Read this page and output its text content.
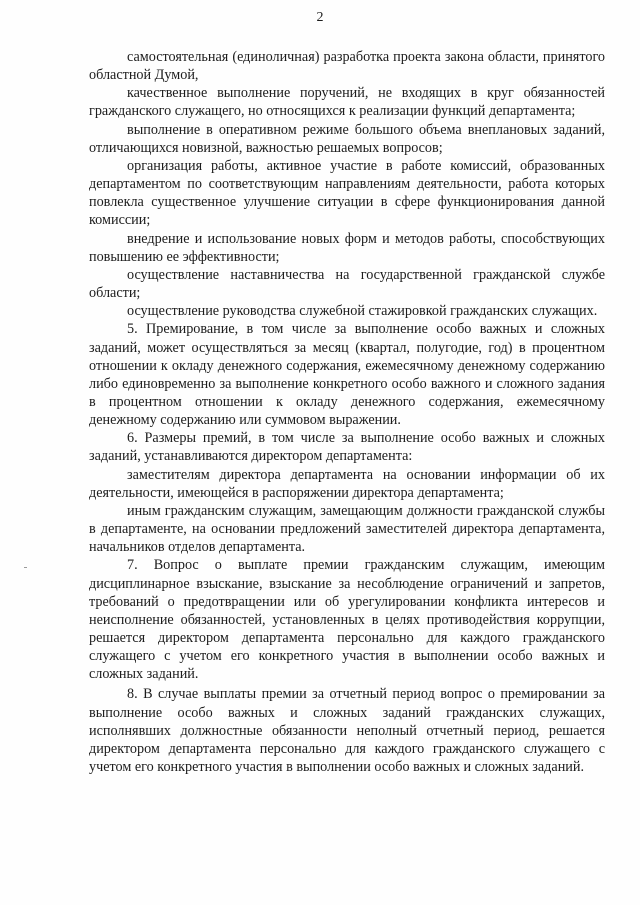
2

самостоятельная (единоличная) разработка проекта закона области, принятого областной Думой,

качественное выполнение поручений, не входящих в круг обязанностей гражданского служащего, но относящихся к реализации функций департамента;

выполнение в оперативном режиме большого объема внеплановых заданий, отличающихся новизной, важностью решаемых вопросов;

организация работы, активное участие в работе комиссий, образованных департаментом по соответствующим направлениям деятельности, работа которых повлекла существенное улучшение ситуации в сфере функционирования данной комиссии;

внедрение и использование новых форм и методов работы, способствующих повышению ее эффективности;

осуществление наставничества на государственной гражданской службе области;

осуществление руководства служебной стажировкой гражданских служащих.

5. Премирование, в том числе за выполнение особо важных и сложных заданий, может осуществляться за месяц (квартал, полугодие, год) в процентном отношении к окладу денежного содержания, ежемесячному денежному содержанию либо единовременно за выполнение конкретного особо важного и сложного задания в процентном отношении к окладу денежного содержания, ежемесячному денежному содержанию или суммовом выражении.

6. Размеры премий, в том числе за выполнение особо важных и сложных заданий, устанавливаются директором департамента:

заместителям директора департамента на основании информации об их деятельности, имеющейся в распоряжении директора департамента;

иным гражданским служащим, замещающим должности гражданской службы в департаменте, на основании предложений заместителей директора департамента, начальников отделов департамента.

7. Вопрос о выплате премии гражданским служащим, имеющим дисциплинарное взыскание, взыскание за несоблюдение ограничений и запретов, требований о предотвращении или об урегулировании конфликта интересов и неисполнение обязанностей, установленных в целях противодействия коррупции, решается директором департамента персонально для каждого гражданского служащего с учетом его конкретного участия в выполнении особо важных и сложных заданий.

8. В случае выплаты премии за отчетный период вопрос о премировании за выполнение особо важных и сложных заданий гражданских служащих, исполнявших должностные обязанности неполный отчетный период, решается директором департамента персонально для каждого гражданского служащего с учетом его конкретного участия в выполнении особо важных и сложных заданий.
